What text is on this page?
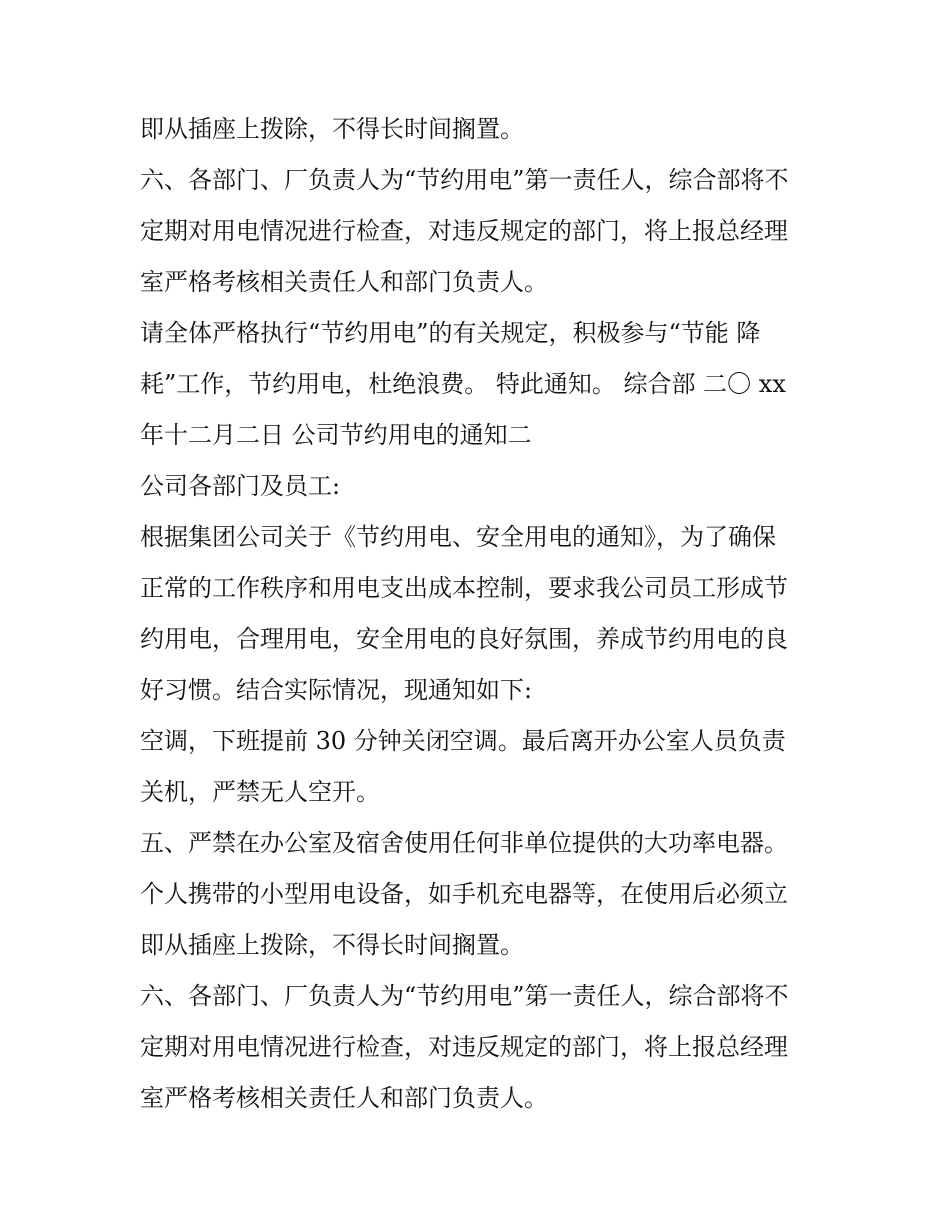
即从插座上拨除，不得长时间搁置。
六、各部门、厂负责人为“节约用电”第一责任人，综合部将不
定期对用电情况进行检查，对违反规定的部门，将上报总经理
室严格考核相关责任人和部门负责人。
请全体严格执行“节约用电”的有关规定，积极参与“节能 降
耗”工作，节约用电，杜绝浪费。 特此通知。 综合部 二〇 xx
年十二月二日 公司节约用电的通知二
公司各部门及员工:
根据集团公司关于《节约用电、安全用电的通知》，为了确保
正常的工作秩序和用电支出成本控制，要求我公司员工形成节
约用电，合理用电，安全用电的良好氛围，养成节约用电的良
好习惯。结合实际情况，现通知如下:
空调，下班提前 30 分钟关闭空调。最后离开办公室人员负责
关机，严禁无人空开。
五、严禁在办公室及宿舍使用任何非单位提供的大功率电器。
个人携带的小型用电设备，如手机充电器等，在使用后必须立
即从插座上拨除，不得长时间搁置。
六、各部门、厂负责人为“节约用电”第一责任人，综合部将不
定期对用电情况进行检查，对违反规定的部门，将上报总经理
室严格考核相关责任人和部门负责人。
